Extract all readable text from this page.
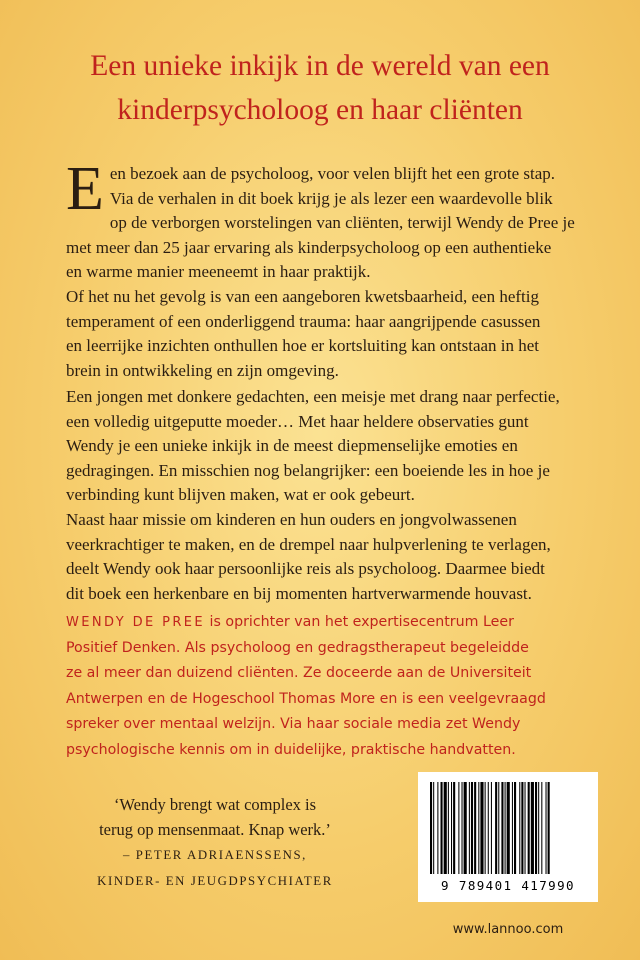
Een unieke inkijk in de wereld van een
kinderpsycholoog en haar cliënten
E en bezoek aan de psycholoog, voor velen blijft het een grote stap.
Via de verhalen in dit boek krijg je als lezer een waardevolle blik
op de verborgen worstelingen van cliënten, terwijl Wendy de Pree je
met meer dan 25 jaar ervaring als kinderpsycholoog op een authentieke
en warme manier meeneemt in haar praktijk.
Of het nu het gevolg is van een aangeboren kwetsbaarheid, een heftig
temperament of een onderliggend trauma: haar aangrijpende casussen
en leerrijke inzichten onthullen hoe er kortsluiting kan ontstaan in het
brein in ontwikkeling en zijn omgeving.
Een jongen met donkere gedachten, een meisje met drang naar perfectie,
een volledig uitgeputte moeder… Met haar heldere observaties gunt
Wendy je een unieke inkijk in de meest diepmenselijke emoties en
gedragingen. En misschien nog belangrijker: een boeiende les in hoe je
verbinding kunt blijven maken, wat er ook gebeurt.
Naast haar missie om kinderen en hun ouders en jongvolwassenen
veerkrachtiger te maken, en de drempel naar hulpverlening te verlagen,
deelt Wendy ook haar persoonlijke reis als psycholoog. Daarmee biedt
dit boek een herkenbare en bij momenten hartverwarmende houvast.
WENDY DE PREE is oprichter van het expertisecentrum Leer
Positief Denken. Als psycholoog en gedragstherapeut begeleidde
ze al meer dan duizend cliënten. Ze doceerde aan de Universiteit
Antwerpen en de Hogeschool Thomas More en is een veelgevraagd
spreker over mentaal welzijn. Via haar sociale media zet Wendy
psychologische kennis om in duidelijke, praktische handvatten.
‘Wendy brengt wat complex is
terug op mensenmaat. Knap werk.’
– PETER ADRIAENSSENS,
KINDER- EN JEUGDPSYCHIATER	9 789401 417990
www.lannoo.com
